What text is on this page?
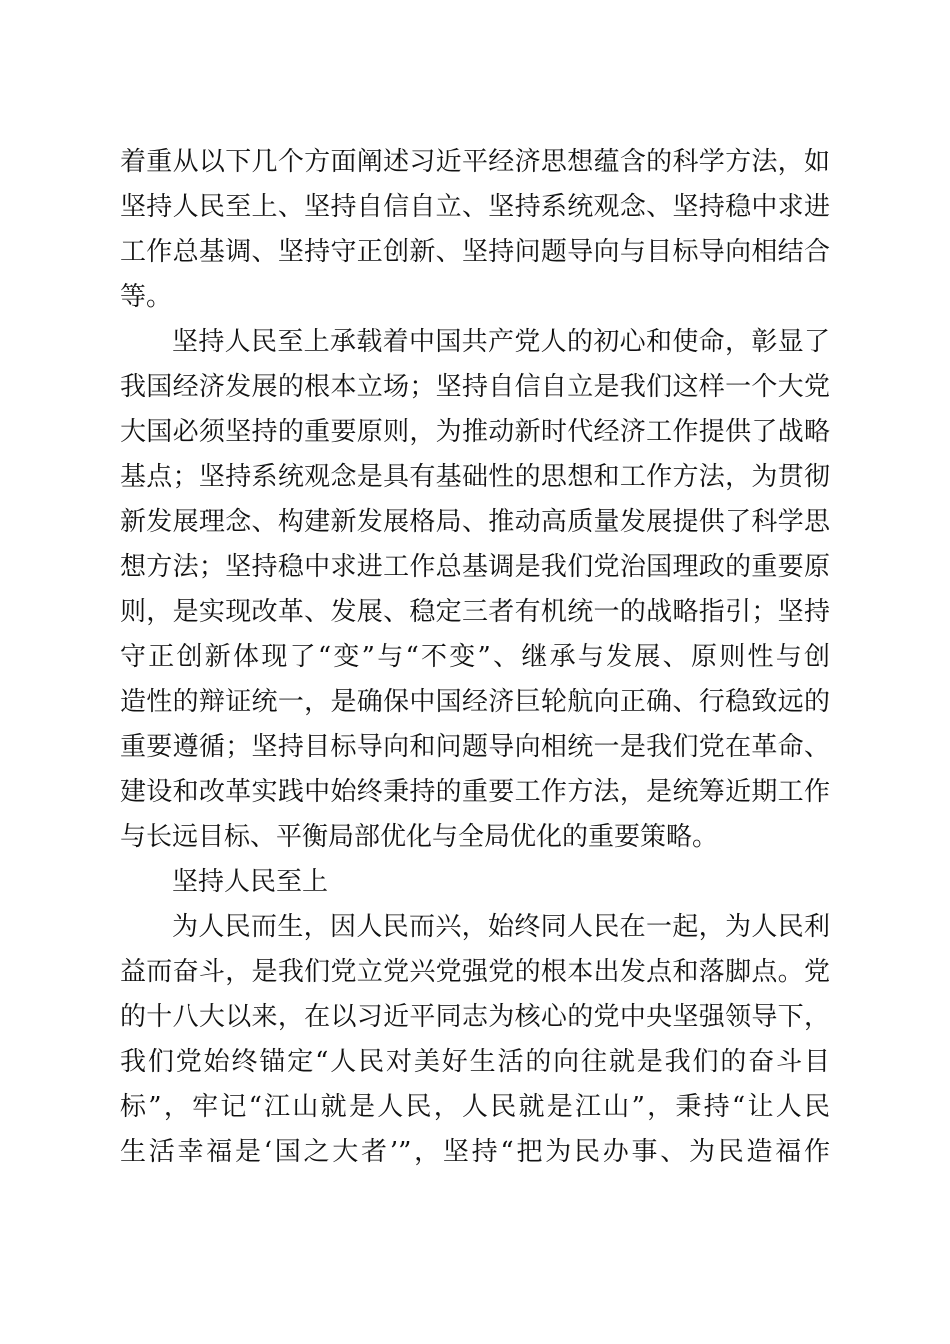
着重从以下几个方面阐述习近平经济思想蕴含的科学方法，如
坚持人民至上、坚持自信自立、坚持系统观念、坚持稳中求进
工作总基调、坚持守正创新、坚持问题导向与目标导向相结合
等。
坚持人民至上承载着中国共产党人的初心和使命，彰显了
我国经济发展的根本立场；坚持自信自立是我们这样一个大党
大国必须坚持的重要原则，为推动新时代经济工作提供了战略
基点；坚持系统观念是具有基础性的思想和工作方法，为贯彻
新发展理念、构建新发展格局、推动高质量发展提供了科学思
想方法；坚持稳中求进工作总基调是我们党治国理政的重要原
则，是实现改革、发展、稳定三者有机统一的战略指引；坚持
守正创新体现了“变”与“不变”、继承与发展、原则性与创
造性的辩证统一，是确保中国经济巨轮航向正确、行稳致远的
重要遵循；坚持目标导向和问题导向相统一是我们党在革命、
建设和改革实践中始终秉持的重要工作方法，是统筹近期工作
与长远目标、平衡局部优化与全局优化的重要策略。
坚持人民至上
为人民而生，因人民而兴，始终同人民在一起，为人民利
益而奋斗，是我们党立党兴党强党的根本出发点和落脚点。党
的十八大以来，在以习近平同志为核心的党中央坚强领导下，
我们党始终锚定“人民对美好生活的向往就是我们的奋斗目
标”，牢记“江山就是人民，人民就是江山”，秉持“让人民
生活幸福是‘国之大者’”，坚持“把为民办事、为民造福作
